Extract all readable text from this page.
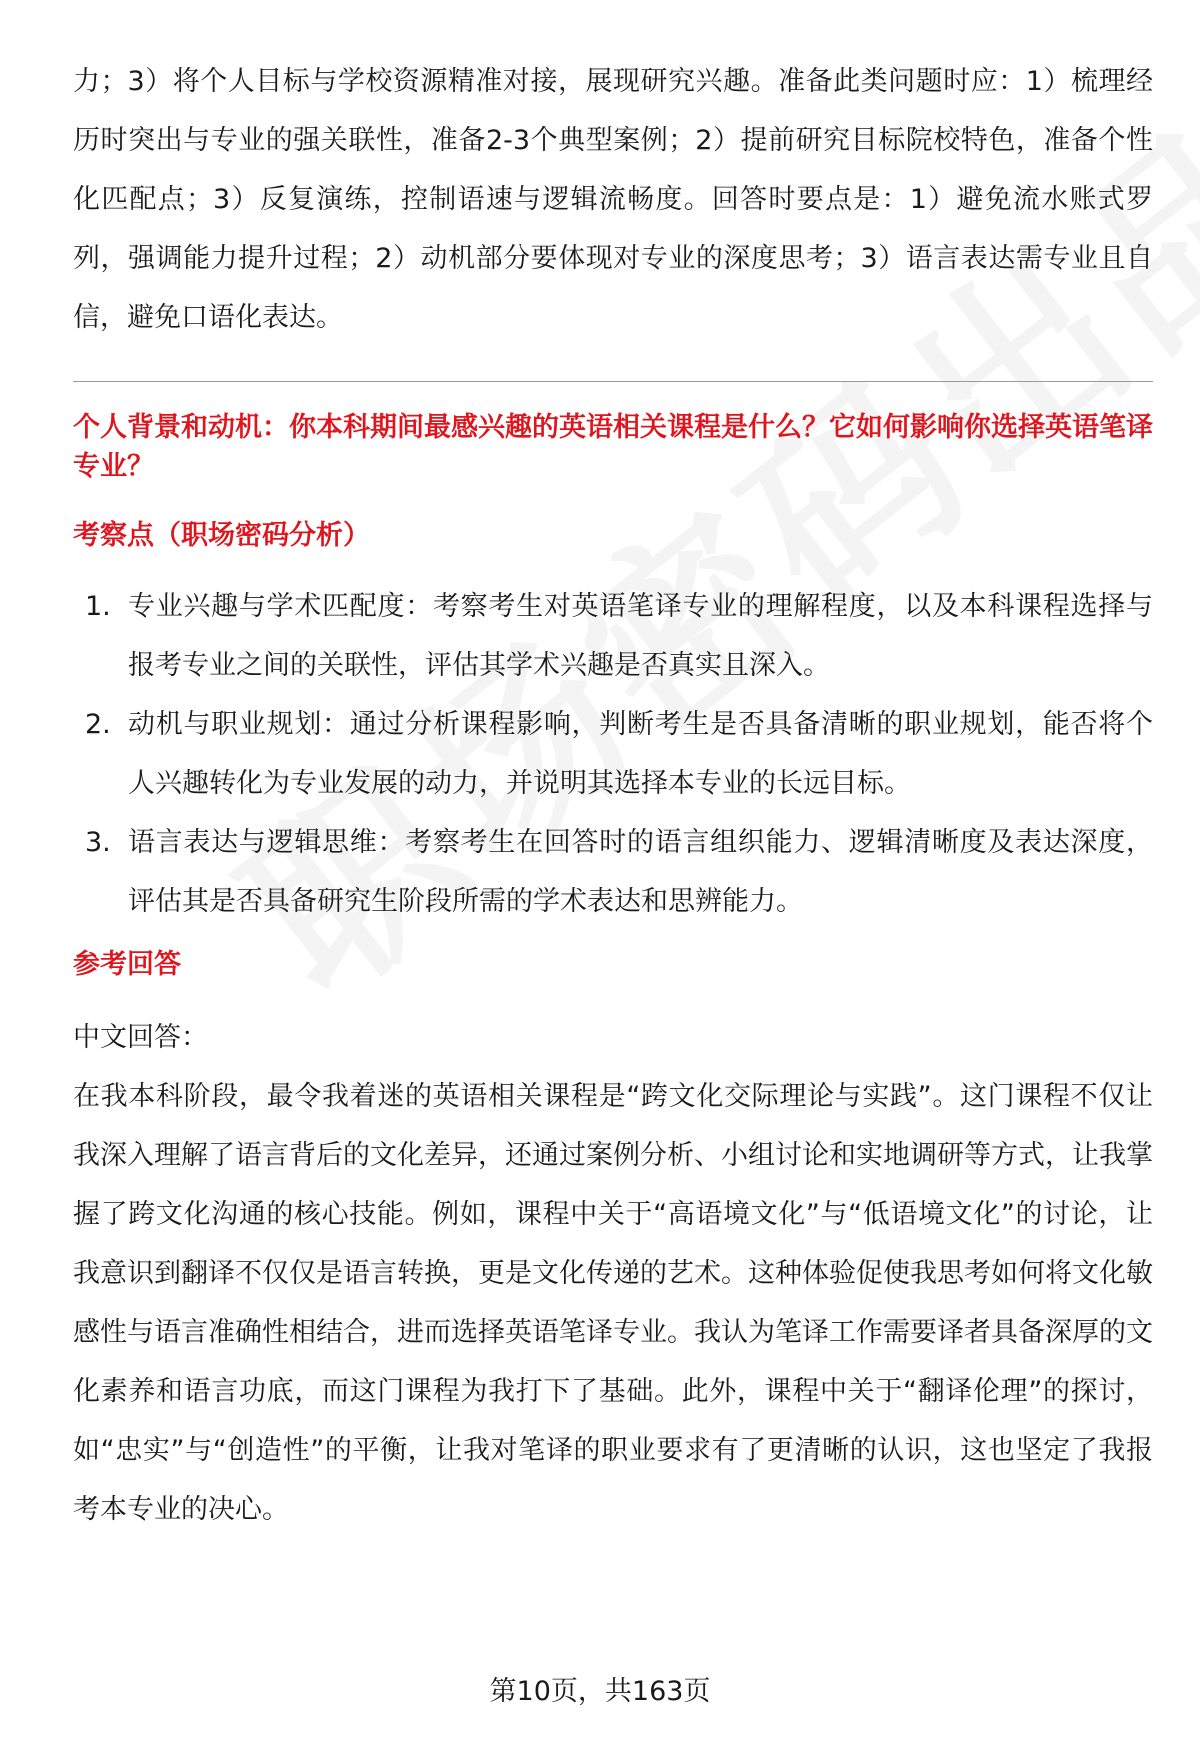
力；3）将个人目标与学校资源精准对接，展现研究兴趣。准备此类问题时应：1）梳理经历时突出与专业的强关联性，准备2-3个典型案例；2）提前研究目标院校特色，准备个性化匹配点；3）反复演练，控制语速与逻辑流畅度。回答时要点是：1）避免流水账式罗列，强调能力提升过程；2）动机部分要体现对专业的深度思考；3）语言表达需专业且自信，避免口语化表达。

个人背景和动机：你本科期间最感兴趣的英语相关课程是什么？它如何影响你选择英语笔译专业？
考察点（职场密码分析）
1. 专业兴趣与学术匹配度：考察考生对英语笔译专业的理解程度，以及本科课程选择与报考专业之间的关联性，评估其学术兴趣是否真实且深入。
2. 动机与职业规划：通过分析课程影响，判断考生是否具备清晰的职业规划，能否将个人兴趣转化为专业发展的动力，并说明其选择本专业的长远目标。
3. 语言表达与逻辑思维：考察考生在回答时的语言组织能力、逻辑清晰度及表达深度，评估其是否具备研究生阶段所需的学术表达和思辨能力。
参考回答

中文回答：

在我本科阶段，最令我着迷的英语相关课程是“跨文化交际理论与实践”。这门课程不仅让我深入理解了语言背后的文化差异，还通过案例分析、小组讨论和实地调研等方式，让我掌握了跨文化沟通的核心技能。例如，课程中关于“高语境文化”与“低语境文化”的讨论，让我意识到翻译不仅仅是语言转换，更是文化传递的艺术。这种体验促使我思考如何将文化敏感性与语言准确性相结合，进而选择英语笔译专业。我认为笔译工作需要译者具备深厚的文化素养和语言功底，而这门课程为我打下了基础。此外，课程中关于“翻译伦理”的探讨，如“忠实”与“创造性”的平衡，让我对笔译的职业要求有了更清晰的认识，这也坚定了我报考本专业的决心。

第10页，共163页
